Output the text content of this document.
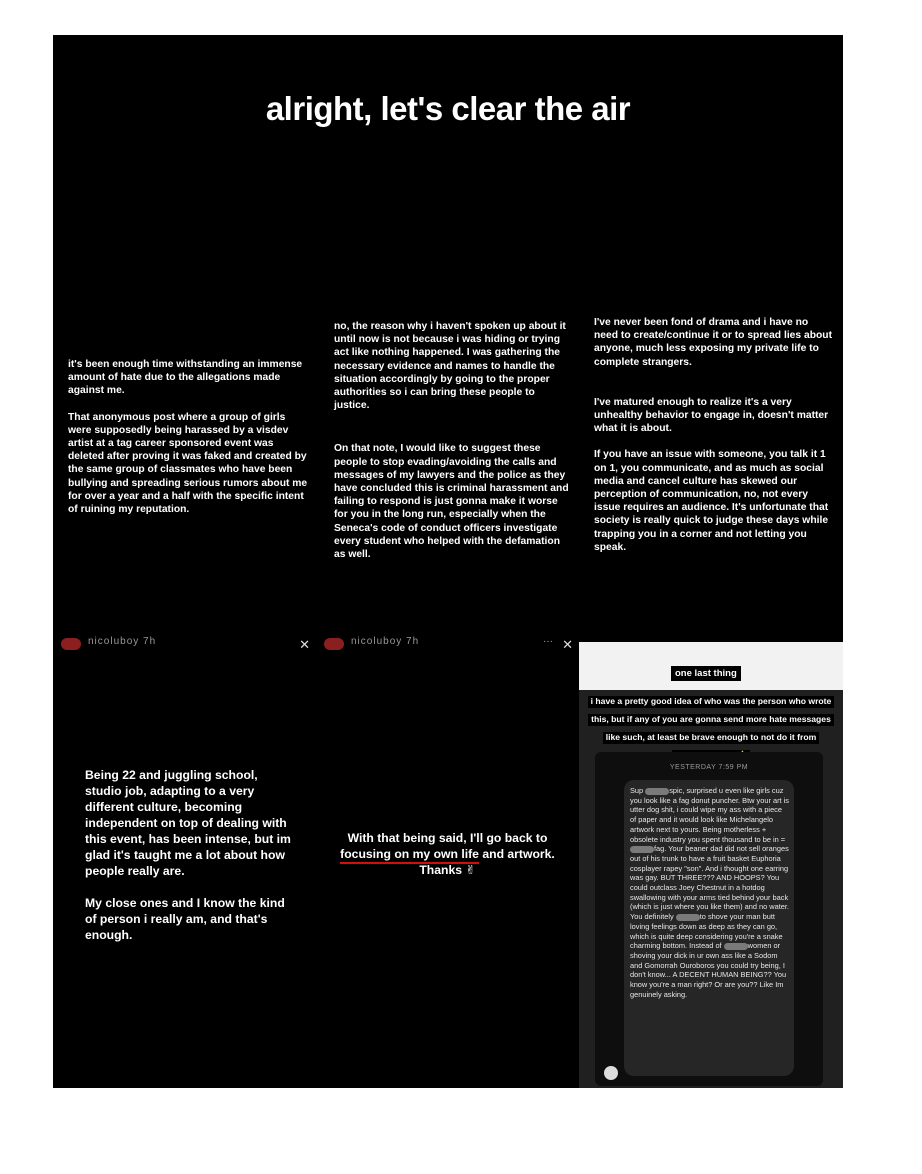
alright, let's clear the air

it's been enough time withstanding an immense amount of hate due to the allegations made against me.

That anonymous post where a group of girls were supposedly being harassed by a visdev artist at a tag career sponsored event was deleted after proving it was faked and created by the same group of classmates who have been bullying and spreading serious rumors about me for over a year and a half with the specific intent of ruining my reputation.

no, the reason why i haven't spoken up about it until now is not because i was hiding or trying act like nothing happened. I was gathering the necessary evidence and names to handle the situation accordingly by going to the proper authorities so i can bring these people to justice.

On that note, I would like to suggest these people to stop evading/avoiding the calls and messages of my lawyers and the police as they have concluded this is criminal harassment and failing to respond is just gonna make it worse for you in the long run, especially when the Seneca's code of conduct officers investigate every student who helped with the defamation as well.

I've never been fond of drama and i have no need to create/continue it or to spread lies about anyone, much less exposing my private life to complete strangers.

I've matured enough to realize it's a very unhealthy behavior to engage in, doesn't matter what it is about.

If you have an issue with someone, you talk it 1 on 1, you communicate, and as much as social media and cancel culture has skewed our perception of communication, no, not every issue requires an audience. It's unfortunate that society is really quick to judge these days while trapping you in a corner and not letting you speak.

nicoluboy 7h	✕

Being 22 and juggling school, studio job, adapting to a very different culture, becoming independent on top of dealing with this event, has been intense, but im glad it's taught me a lot about how people really are.

My close ones and I know the kind of person i really am, and that's enough.

nicoluboy 7h	··· ✕
With that being said, I'll go back to
focusing on my own life and artwork.
Thanks ✌
one last thing
i have a pretty good idea of who was the person who wrote
this, but if any of you are gonna send more hate messages
like such, at least be brave enough to not do it from

YESTERDAY 7:59 PM
Sup	spic, surprised u even like girls cuz you look like a fag donut puncher. Btw your art is utter dog shit, i could wipe my ass with a piece of paper and it would look like Michelangelo artwork next to yours. Being motherless + obsolete industry you spent thousand to be in = fag. Your beaner dad did not sell oranges out of his trunk to have a fruit basket Euphoria cosplayer rapey "son". And i thought one earring was gay. BUT THREE??? AND HOOPS? You could outclass Joey Chestnut in a hotdog swallowing with your arms tied behind your back (which is just where you like them) and no water. You definitely	to shove your man butt loving feelings down as deep as they can go, which is quite deep considering you're a snake charming bottom. Instead of	women or shoving your dick in ur own ass like a Sodom and Gomorrah Ouroboros you could try being, I don't know... A DECENT HUMAN BEING?? You know you're a man right? Or are you?? Like Im genuinely asking.
